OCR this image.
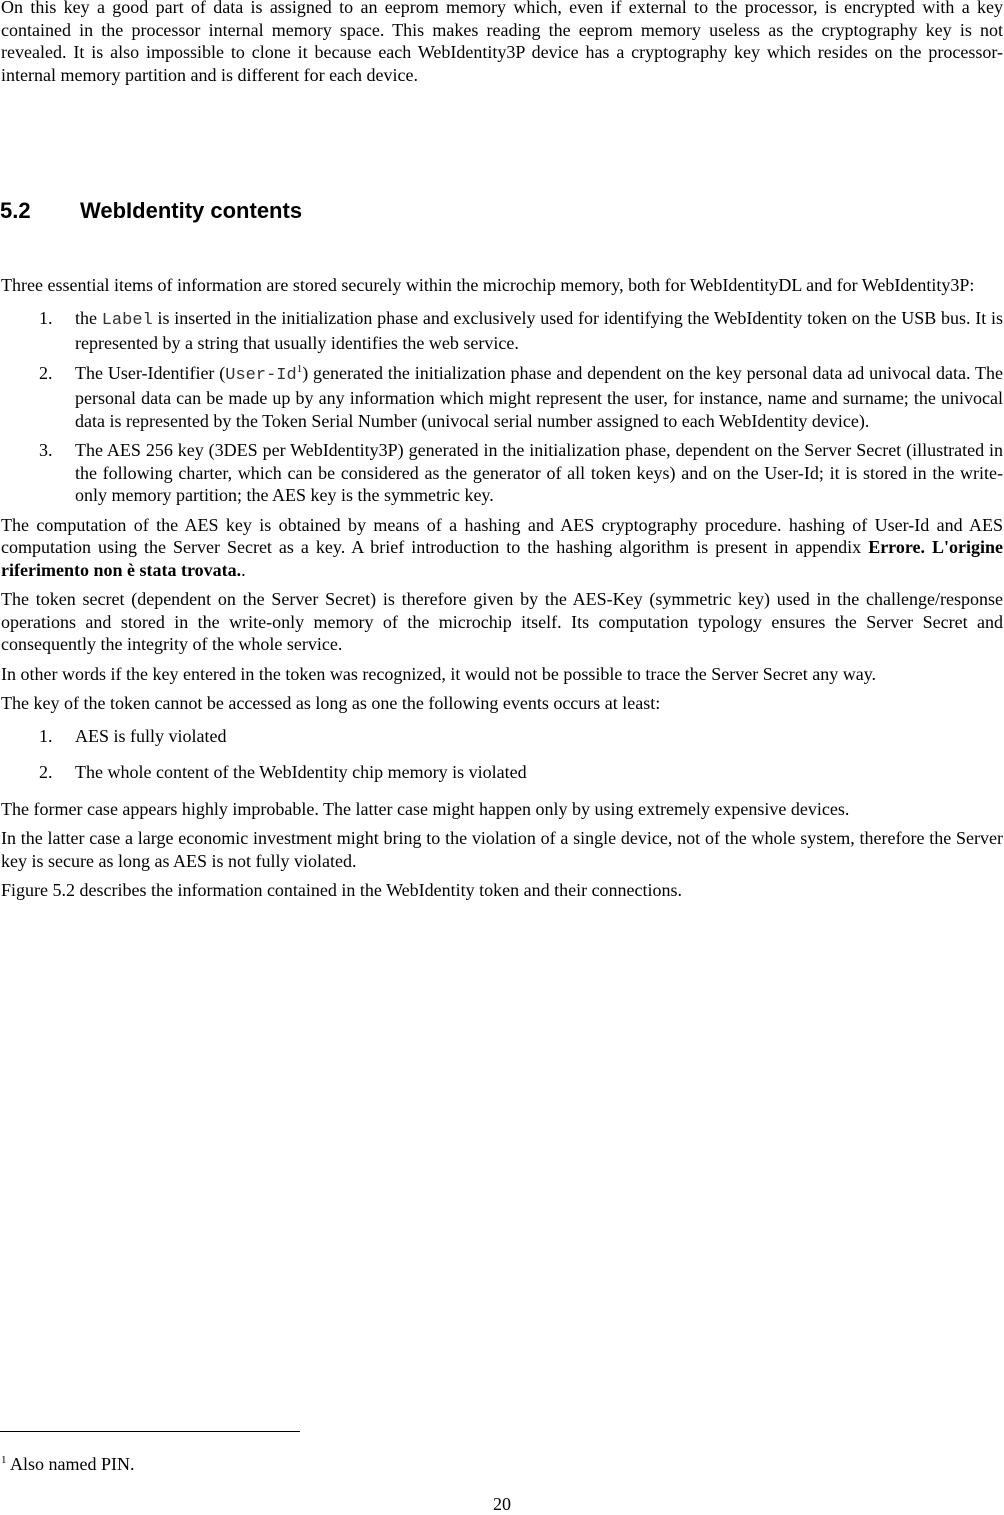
On this key a good part of data is assigned to an eeprom memory which, even if external to the processor, is encrypted with a key contained in the processor internal memory space. This makes reading the eeprom memory useless as the cryptography key is not revealed. It is also impossible to clone it because each WebIdentity3P device has a cryptography key which resides on the processor-internal memory partition and is different for each device.

5.2 WebIdentity contents

Three essential items of information are stored securely within the microchip memory, both for WebIdentityDL and for WebIdentity3P:

1. the Label is inserted in the initialization phase and exclusively used for identifying the WebIdentity token on the USB bus. It is represented by a string that usually identifies the web service.
2. The User-Identifier (User-Id$^1$) generated the initialization phase and dependent on the key personal data ad univocal data. The personal data can be made up by any information which might represent the user, for instance, name and surname; the univocal data is represented by the Token Serial Number (univocal serial number assigned to each WebIdentity device).
3. The AES 256 key (3DES per WebIdentity3P) generated in the initialization phase, dependent on the Server Secret (illustrated in the following charter, which can be considered as the generator of all token keys) and on the User-Id; it is stored in the write-only memory partition; the AES key is the symmetric key.

The computation of the AES key is obtained by means of a hashing and AES cryptography procedure. hashing of User-Id and AES computation using the Server Secret as a key. A brief introduction to the hashing algorithm is present in appendix Errore. L'origine riferimento non è stata trovata..

The token secret (dependent on the Server Secret) is therefore given by the AES-Key (symmetric key) used in the challenge/response operations and stored in the write-only memory of the microchip itself. Its computation typology ensures the Server Secret and consequently the integrity of the whole service.

In other words if the key entered in the token was recognized, it would not be possible to trace the Server Secret any way.

The key of the token cannot be accessed as long as one the following events occurs at least:

1. AES is fully violated
2. The whole content of the WebIdentity chip memory is violated

The former case appears highly improbable. The latter case might happen only by using extremely expensive devices.

In the latter case a large economic investment might bring to the violation of a single device, not of the whole system, therefore the Server key is secure as long as AES is not fully violated.

Figure 5.2 describes the information contained in the WebIdentity token and their connections.

$^1$ Also named PIN.
20
